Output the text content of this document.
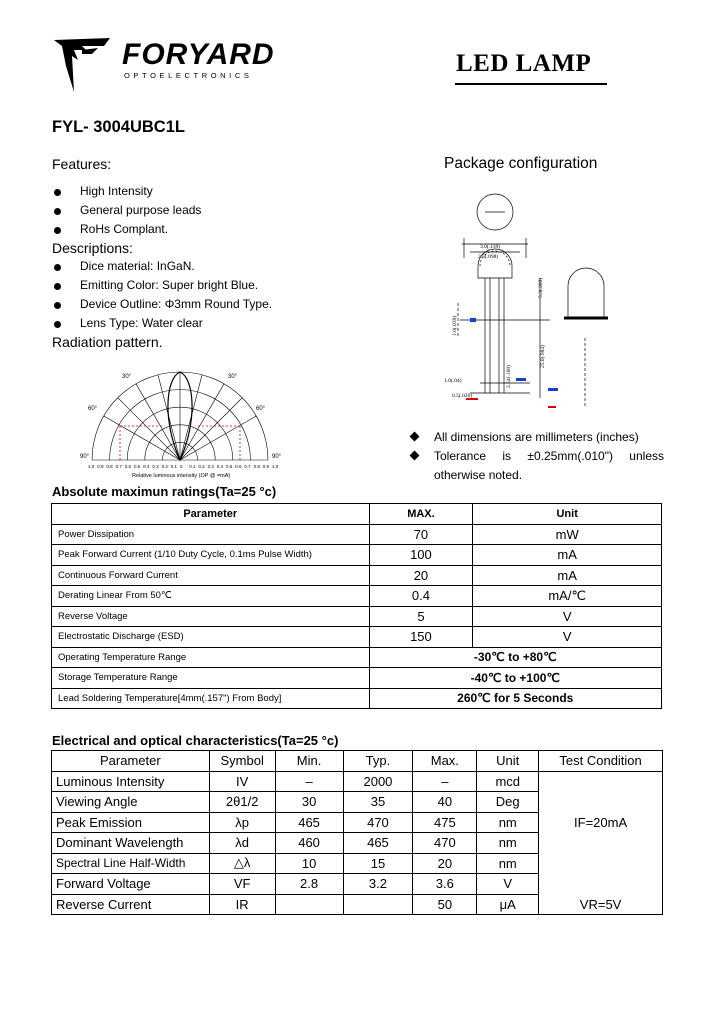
FORYARD
OPTOELECTRONICS	LED LAMP
FYL- 3004UBC1L
Features:
High Intensity
General purpose leads
RoHs Complant.
Descriptions:
Dice material: InGaN.
Emitting Color: Super bright Blue.
Device Outline: Φ3mm Round Type.
Lens Type: Water clear
Radiation pattern.
30°	30°
60°	60°
90°	90°
1.0 0.9 0.8 0.7 0.6 0.5 0.4 0.3 0.2 0.1 0 0.1 0.2 0.3 0.4 0.5 0.6 0.7 0.8 0.9 1.0
Relative luminous intensity (OP @ =mA)
Package configuration
3.0(.118)
2.5(.098)
5.3(.209)
1.0(.039)
25.0(.984)
1.0(.04)	2.54(.100)
0.5(.020)
All dimensions are millimeters (inches)
Tolerance is ±0.25mm(.010") unless otherwise noted.
Absolute maximun ratings(Ta=25 °c)
Parameter	MAX.	Unit
Power Dissipation	70	mW
Peak Forward Current (1/10 Duty Cycle, 0.1ms Pulse Width)	100	mA
Continuous Forward Current	20	mA
Derating Linear From 50℃	0.4	mA/℃
Reverse Voltage	5	V
Electrostatic Discharge (ESD)	150	V
Operating Temperature Range	-30℃ to +80℃	
Storage Temperature Range	-40℃ to +100℃	
Lead Soldering Temperature[4mm(.157") From Body]	260℃ for 5 Seconds	
Electrical and optical characteristics(Ta=25 °c)
Parameter	Symbol	Min.	Typ.	Max.	Unit	Test Condition
Luminous Intensity	IV	–	2000	–	mcd	IF=20mA
Viewing Angle	2θ1/2	30	35	40	Deg	
Peak Emission	λp	465	470	475	nm	
Dominant Wavelength	λd	460	465	470	nm	
Spectral Line Half-Width	△λ	10	15	20	nm	
Forward Voltage	VF	2.8	3.2	3.6	V	
Reverse Current	IR			50	μA	VR=5V
